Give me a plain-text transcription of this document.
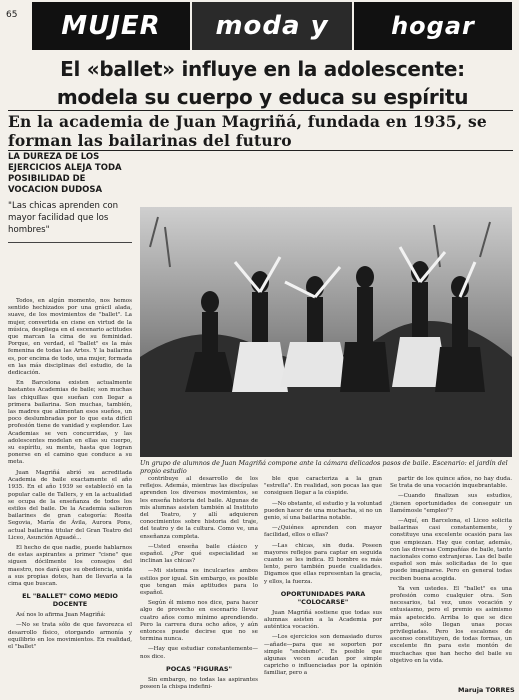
65	MUJER	moda y	hogar
El «ballet» influye en la adolescente:
modela su cuerpo y educa su espíritu
En la academia de Juan Magriñá, fundada en 1935, se forman las bailarinas del futuro
LA DUREZA DE LOS EJERCICIOS ALEJA TODA POSIBILIDAD DE VOCACION DUDOSA
"Las chicas aprenden con mayor facilidad que los hombres"

Todos, en algún momento, nos hemos sentido hechizados por una grácil alada, suave, de los movimientos de "ballet". La mujer, convertida en cisne en virtud de la música, despliega en el escenario actitudes que marcan la cima de su feminidad. Porque, en verdad, el "ballet" es la más femenina de todas las Artes. Y la bailarina es, por encima de todo, una mujer, formada en las más disciplinas del estudio, de la dedicación.

En Barcelona existen actualmente bastantes Academias de baile; son muchas las chiquillas que sueñan con llegar a primera bailarina. Son muchas, también, las madres que alimentan esos sueños, un poco deslumbradas por lo que esta difícil profesión tiene de vanidad y esplendor. Las Academias se ven concurridas, y las adolescentes modelan en ellas su cuerpo, su espíritu, su mente, hasta que logran ponerse en el camino que conduce a su meta.

Juan Magriñá abrió su acreditada Academia de baile exactamente el año 1935. En el año 1939 se estableció en la popular calle de Tallers, y en la actualidad se ocupa de la enseñanza de todos los estilos del baile. De la Academia salieron bailarines de gran categoría: Rosita Segovia, María de Ávila, Aurora Pons, actual bailarina titular del Gran Teatro del Liceo, Asunción Aguadé...

El hecho de que nadie, puede hablarnos de estas aspirantes a primer "cisne" que siguen dócilmente los consejos del maestro, nos dará que su obediencia, unida a sus propias dotes, han de llevarla a la cima que buscan.

EL "BALLET" COMO MEDIO DOCENTE

Así nos lo afirma Juan Magriñá:

—No se trata sólo de que favorezca el desarrollo físico, otorgando armonía y equilibrio en los movimientos. En realidad, el "ballet"

Un grupo de alumnos de Juan Magriñá compone ante la cámara delicados pasos de baile. Escenario: el jardín del propio estudio

contribuye al desarrollo de los reflejos. Además, mientras las discípulas aprenden los diversos movimientos, se les enseña historia del baile. Algunas de mis alumnas asisten también al Instituto del Teatro, y allí adquieren conocimientos sobre historia del traje, del teatro y de la cultura. Como ve, una enseñanza completa.

—Usted enseña baile clásico y español. ¿Por qué especialidad se inclinan las chicas?

—Mi sistema es inculcarles ambos estilos por igual. Sin embargo, es posible que tengan más aptitudes para lo español.

Según él mismo nos dice, para hacer algo de provecho en escenario llevar cuatro años como mínimo aprendiendo. Pero la carrera dura ocho años, y aún entonces puede decirse que no se termina nunca.

—Hay que estudiar constantemente—nos dice.

POCAS "FIGURAS"

Sin embargo, no todas las aspirantes poseen la chispa indefini-

ble que caracteriza a la gran "estrella". En realidad, son pocas las que consiguen llegar a la cúspide.

—No obstante, el estudio y la voluntad pueden hacer de una muchacha, si no un genio, sí una bailarina notable.

—¿Quiénes aprenden con mayor facilidad, ellos o ellas?

—Las chicas, sin duda. Poseen mayores reflejos para captar en seguida cuanto se les indica. El hombre es más lento, pero también puede cualidades. Digamos que ellas representan la gracia, y ellos, la fuerza.

OPORTUNIDADES PARA "COLOCARSE"

Juan Magriñá sostiene que todas sus alumnas asisten a la Academia por auténtica vocación.

—Los ejercicios son demasiado duros—añade—para que se soporten por simple "snobismo". Es posible que algunas vecen acudan por simple capricho o influenciadas por la opinión familiar, pero a

partir de los quince años, no hay duda. Se trata de una vocación inquebrantable.

—Cuando finalizan sus estudios, ¿tienen oportunidades de conseguir un llamémosle "empleo"?

—Aquí, en Barcelona, el Liceo solicita bailarinas casi constantemente, y constituye una excelente ocasión para las que empiezan. Hay que contar, además, con las diversas Compañías de baile, tanto nacionales como extranjeras. Las del baile español son más solicitadas de lo que puede imaginarse. Pero en general todas reciben buena acogida.

Ya ven ustedes. El "ballet" es una profesión como cualquier otra. Son necesarios, tal vez, unos vocación y entusiasmo, pero el premio es asimismo más apetecido. Arriba lo que se dice arriba, sólo llegan unas pocas privilegiadas. Pero los escalones de ascenso constituyen, de todas formas, un excelente fin para este montón de muchachas que han hecho del baile su objetivo en la vida.

Maruja TORRES
